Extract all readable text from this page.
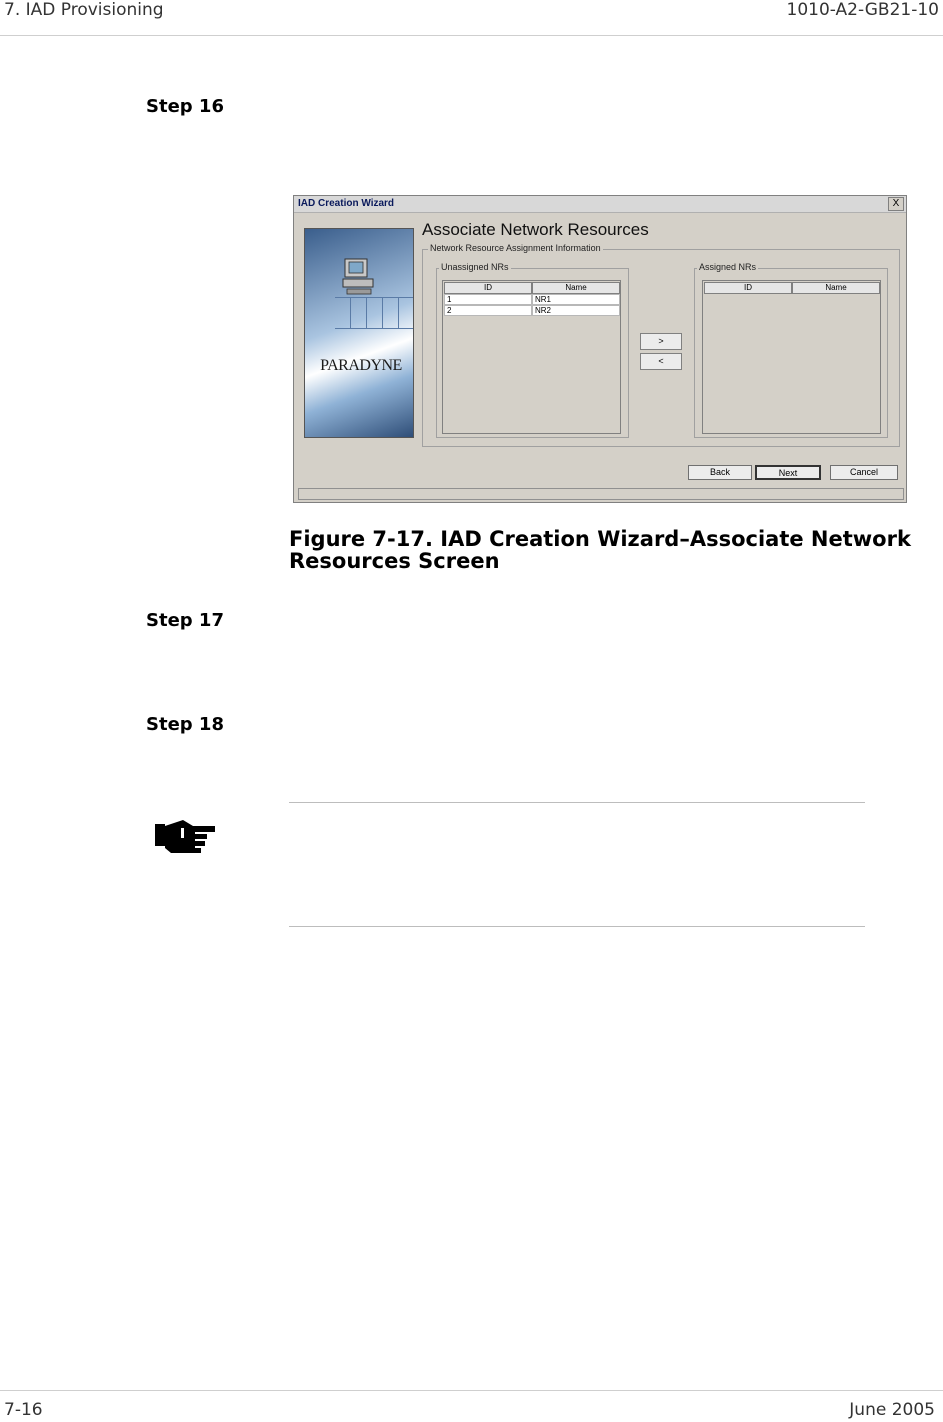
7. IAD Provisioning	1010-A2-GB21-10
Step 16
IAD Creation Wizard	X
PARADYNE
Associate Network Resources
Network Resource Assignment Information
Unassigned NRs
ID	Name
1	NR1
2	NR2
>
<
Assigned NRs
ID	Name
Back	Next	Cancel
Figure 7-17. IAD Creation Wizard–Associate Network Resources Screen
Step 17
Step 18
7-16	June 2005
